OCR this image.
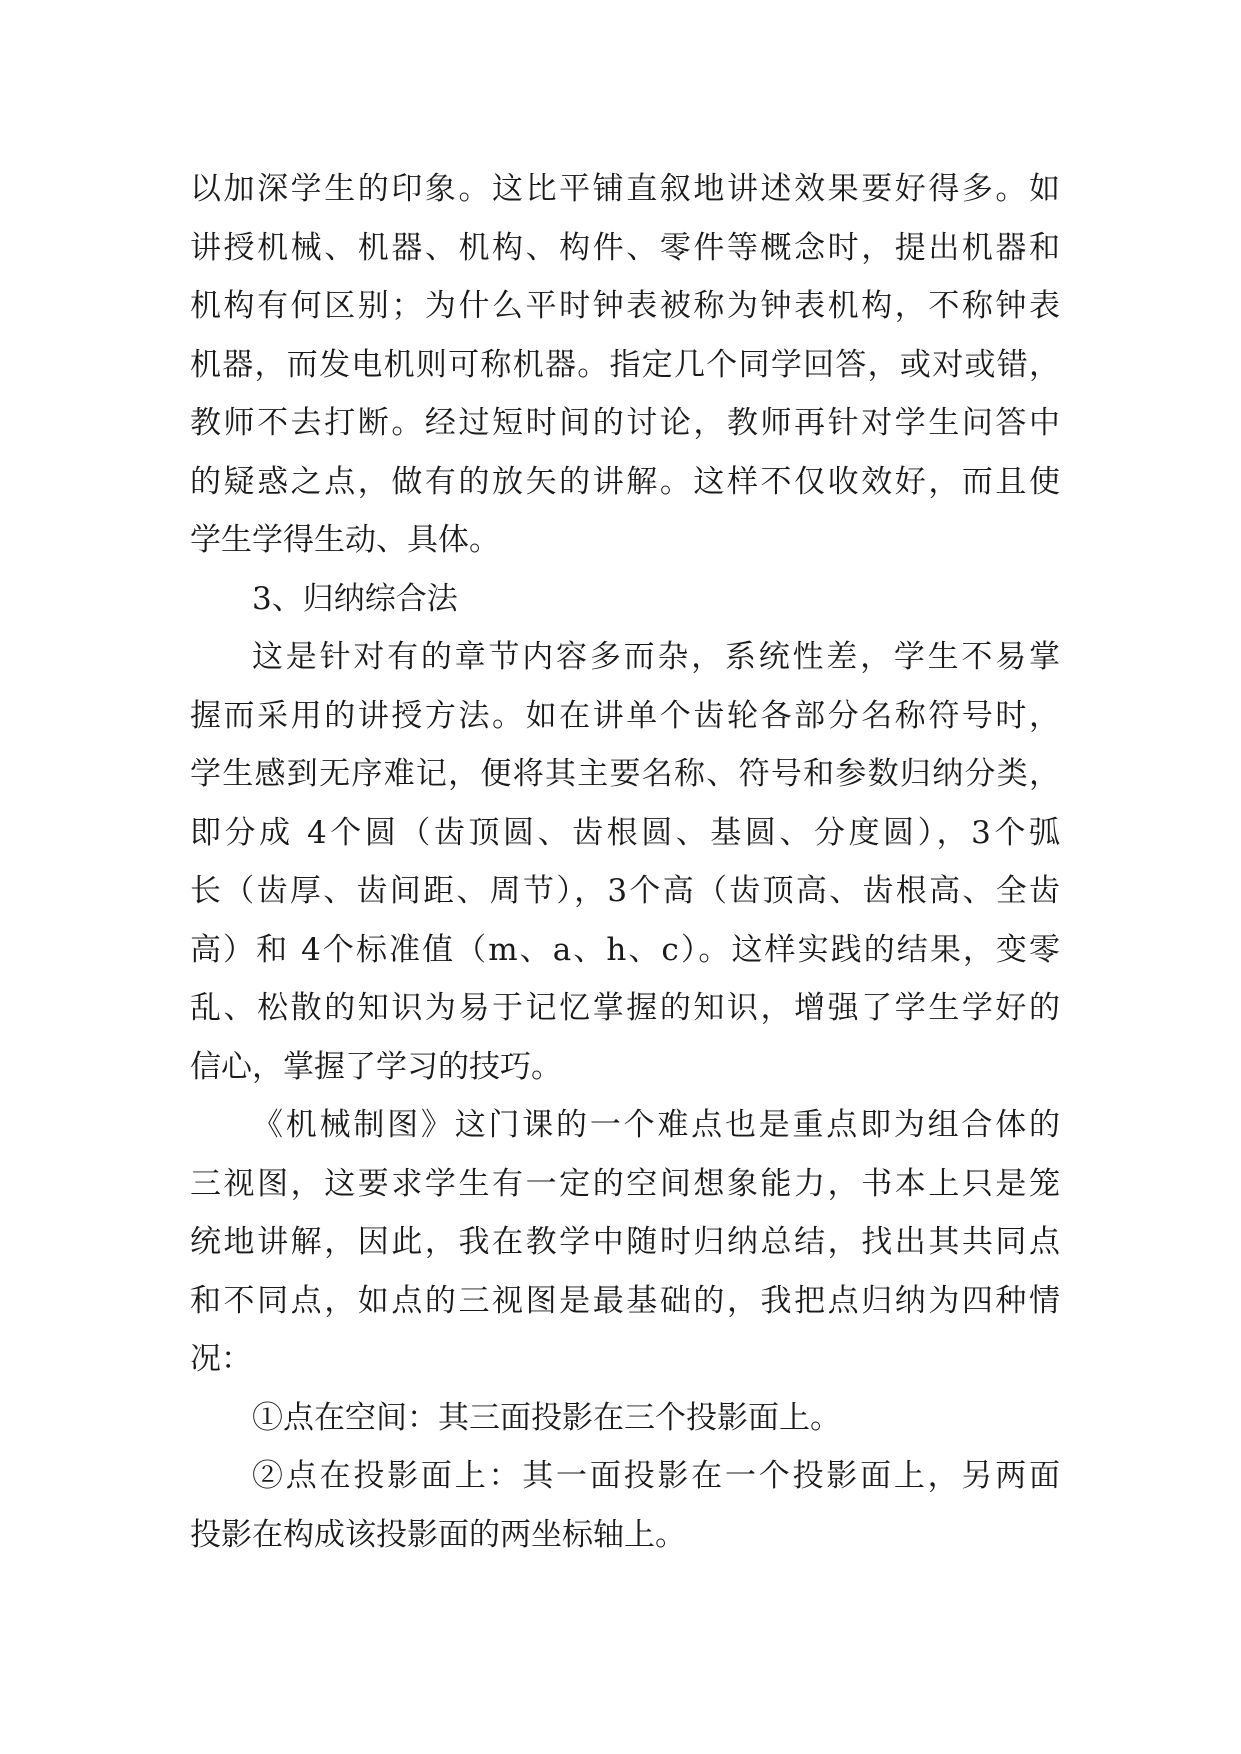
以加深学生的印象。这比平铺直叙地讲述效果要好得多。如
讲授机械、机器、机构、构件、零件等概念时，提出机器和
机构有何区别；为什么平时钟表被称为钟表机构，不称钟表
机器，而发电机则可称机器。指定几个同学回答，或对或错，
教师不去打断。经过短时间的讨论，教师再针对学生问答中
的疑惑之点，做有的放矢的讲解。这样不仅收效好，而且使
学生学得生动、具体。
3、归纳综合法
这是针对有的章节内容多而杂，系统性差，学生不易掌
握而采用的讲授方法。如在讲单个齿轮各部分名称符号时，
学生感到无序难记，便将其主要名称、符号和参数归纳分类，
即分成 4个圆（齿顶圆、齿根圆、基圆、分度圆），3个弧
长（齿厚、齿间距、周节），3个高（齿顶高、齿根高、全齿
高）和 4个标准值（m、a、h、c）。这样实践的结果，变零
乱、松散的知识为易于记忆掌握的知识，增强了学生学好的
信心，掌握了学习的技巧。
《机械制图》这门课的一个难点也是重点即为组合体的
三视图，这要求学生有一定的空间想象能力，书本上只是笼
统地讲解，因此，我在教学中随时归纳总结，找出其共同点
和不同点，如点的三视图是最基础的，我把点归纳为四种情
况：
①点在空间：其三面投影在三个投影面上。
②点在投影面上：其一面投影在一个投影面上，另两面
投影在构成该投影面的两坐标轴上。
